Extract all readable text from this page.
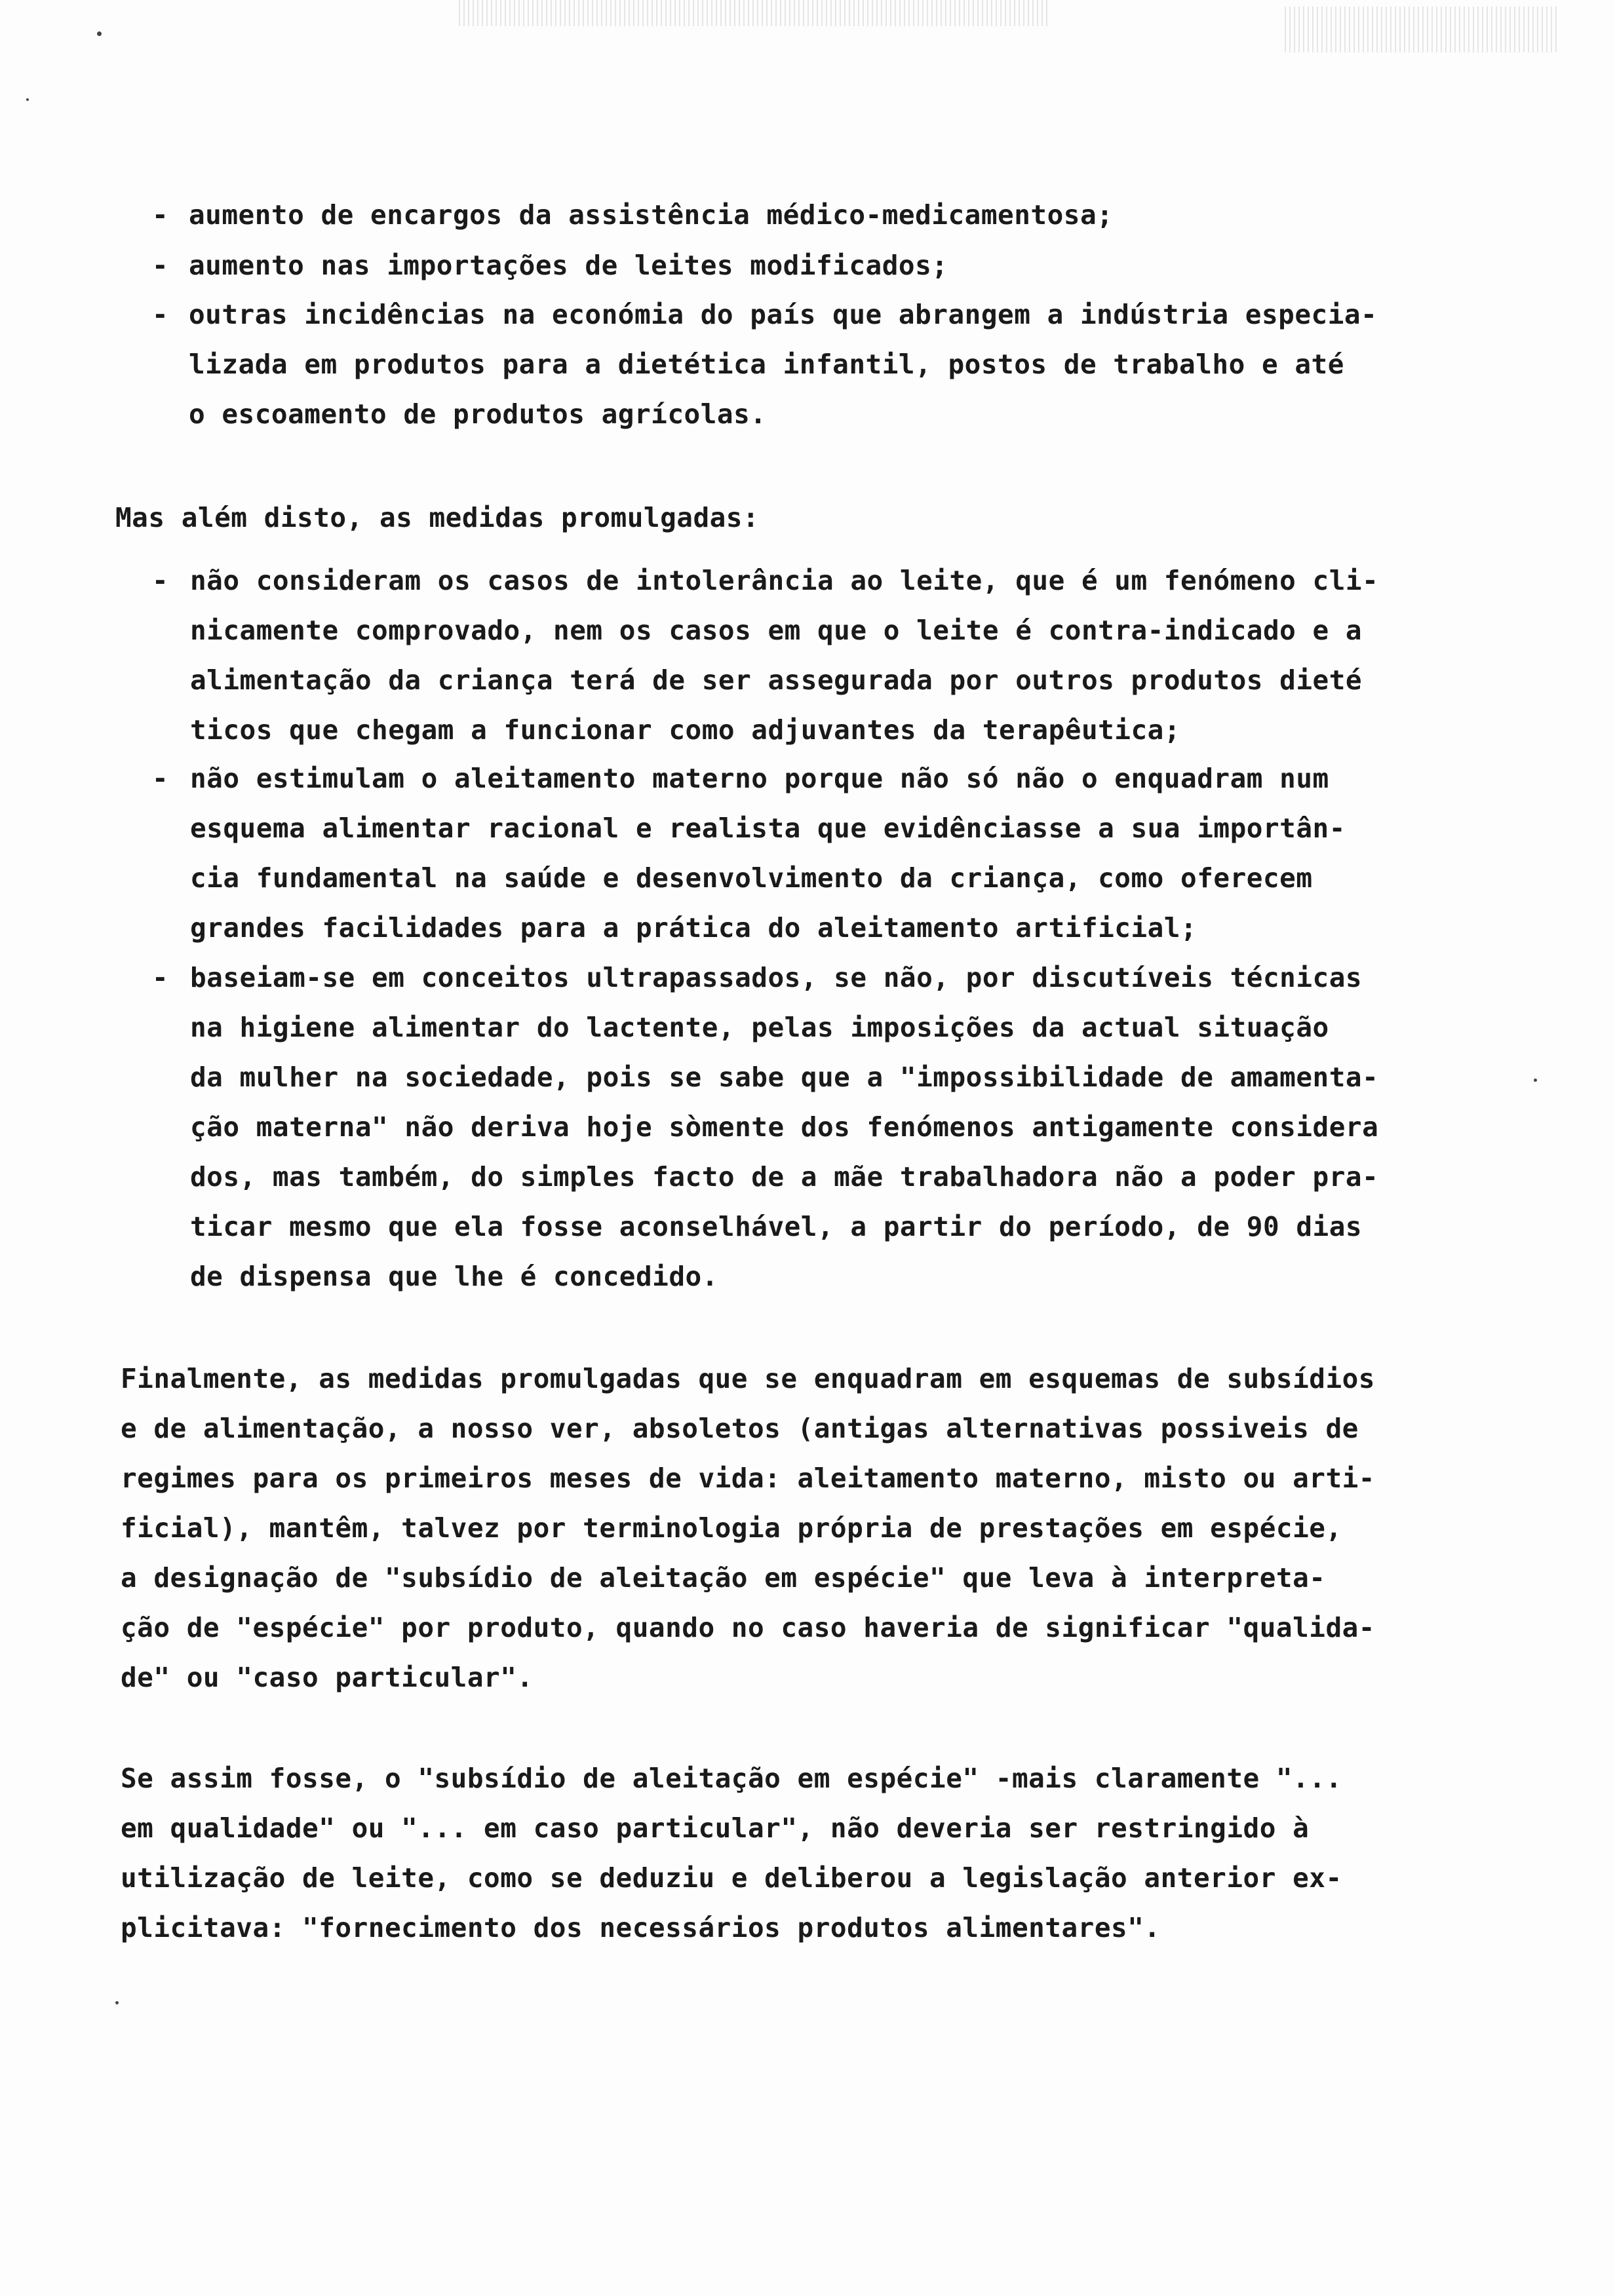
- aumento de encargos da assistência médico-medicamentosa;
- aumento nas importações de leites modificados;
- outras incidências na económia do país que abrangem a indústria especia-
lizada em produtos para a dietética infantil, postos de trabalho e até
o escoamento de produtos agrícolas.
Mas além disto, as medidas promulgadas:
- não consideram os casos de intolerância ao leite, que é um fenómeno cli-
nicamente comprovado, nem os casos em que o leite é contra-indicado e a
alimentação da criança terá de ser assegurada por outros produtos dieté
ticos que chegam a funcionar como adjuvantes da terapêutica;
- não estimulam o aleitamento materno porque não só não o enquadram num
esquema alimentar racional e realista que evidênciasse a sua importân-
cia fundamental na saúde e desenvolvimento da criança, como oferecem
grandes facilidades para a prática do aleitamento artificial;
- baseiam-se em conceitos ultrapassados, se não, por discutíveis técnicas
na higiene alimentar do lactente, pelas imposições da actual situação
da mulher na sociedade, pois se sabe que a "impossibilidade de amamenta-
ção materna" não deriva hoje sòmente dos fenómenos antigamente considera
dos, mas também, do simples facto de a mãe trabalhadora não a poder pra-
ticar mesmo que ela fosse aconselhável, a partir do período, de 90 dias
de dispensa que lhe é concedido.
Finalmente, as medidas promulgadas que se enquadram em esquemas de subsídios
e de alimentação, a nosso ver, absoletos (antigas alternativas possiveis de
regimes para os primeiros meses de vida: aleitamento materno, misto ou arti-
ficial), mantêm, talvez por terminologia própria de prestações em espécie,
a designação de "subsídio de aleitação em espécie" que leva à interpreta-
ção de "espécie" por produto, quando no caso haveria de significar "qualida-
de" ou "caso particular".
Se assim fosse, o "subsídio de aleitação em espécie" -mais claramente "...
em qualidade" ou "... em caso particular", não deveria ser restringido à
utilização de leite, como se deduziu e deliberou a legislação anterior ex-
plicitava: "fornecimento dos necessários produtos alimentares".
